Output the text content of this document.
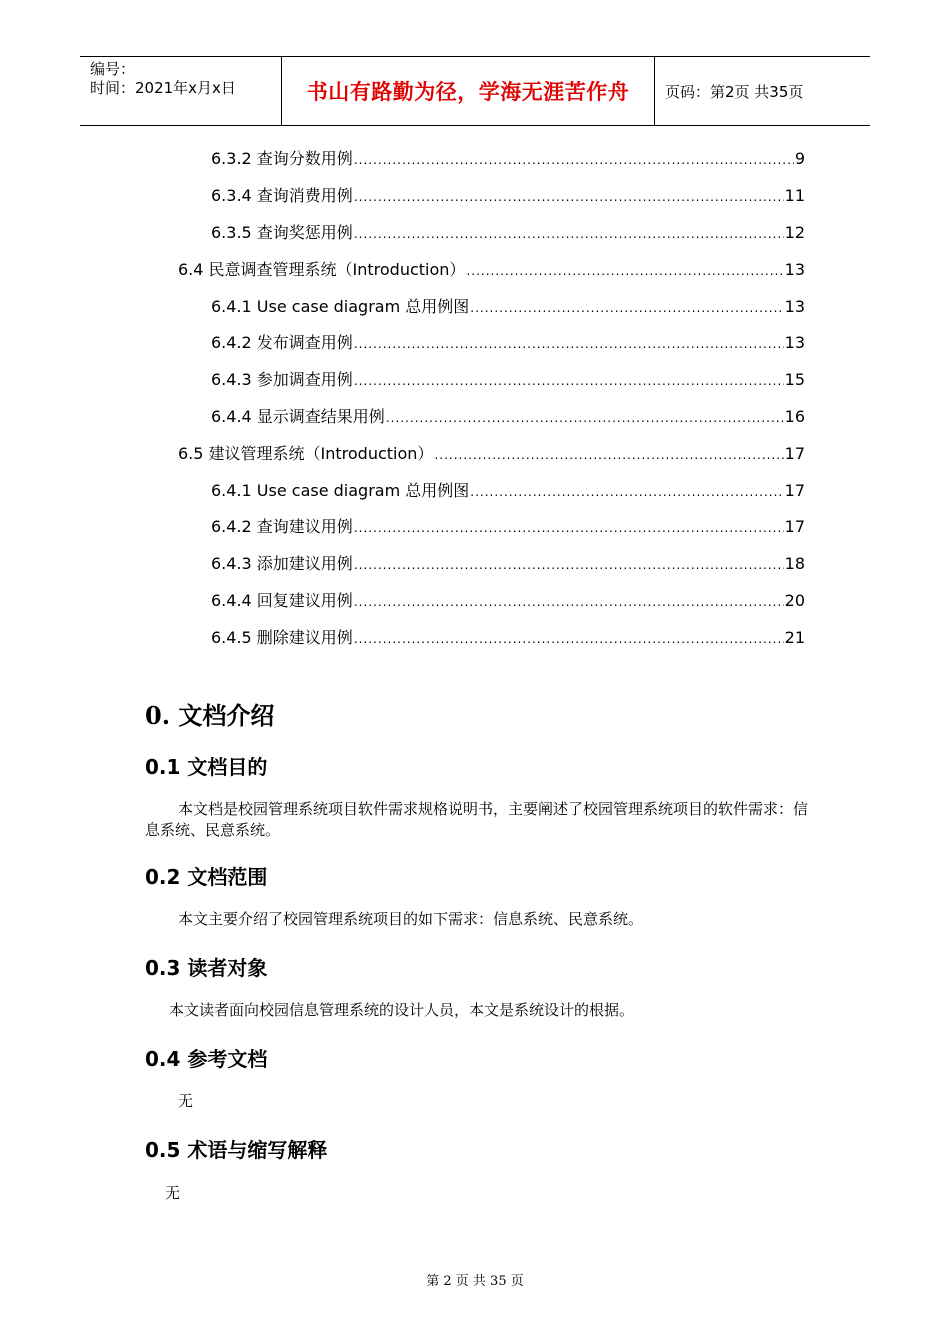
编号：
时间：2021年x月x日	书山有路勤为径，学海无涯苦作舟	页码：第2页 共35页
6.3.2 查询分数用例 .....	9
6.3.4 查询消费用例 .....	11
6.3.5 查询奖惩用例 .....	12
6.4 民意调查管理系统（Introduction） .....	13
6.4.1 Use case diagram 总用例图 .....	13
6.4.2 发布调查用例 .....	13
6.4.3 参加调查用例 .....	15
6.4.4 显示调查结果用例 .....	16
6.5 建议管理系统（Introduction） .....	17
6.4.1 Use case diagram 总用例图 .....	17
6.4.2 查询建议用例 .....	17
6.4.3 添加建议用例 .....	18
6.4.4 回复建议用例 .....	20
6.4.5 删除建议用例 .....	21
0. 文档介绍
0.1 文档目的
本文档是校园管理系统项目软件需求规格说明书，主要阐述了校园管理系统项目的软件需求：信息系统、民意系统。
0.2 文档范围
本文主要介绍了校园管理系统项目的如下需求：信息系统、民意系统。
0.3 读者对象
本文读者面向校园信息管理系统的设计人员，本文是系统设计的根据。
0.4 参考文档
无
0.5 术语与缩写解释
无
第 2 页 共 35 页
